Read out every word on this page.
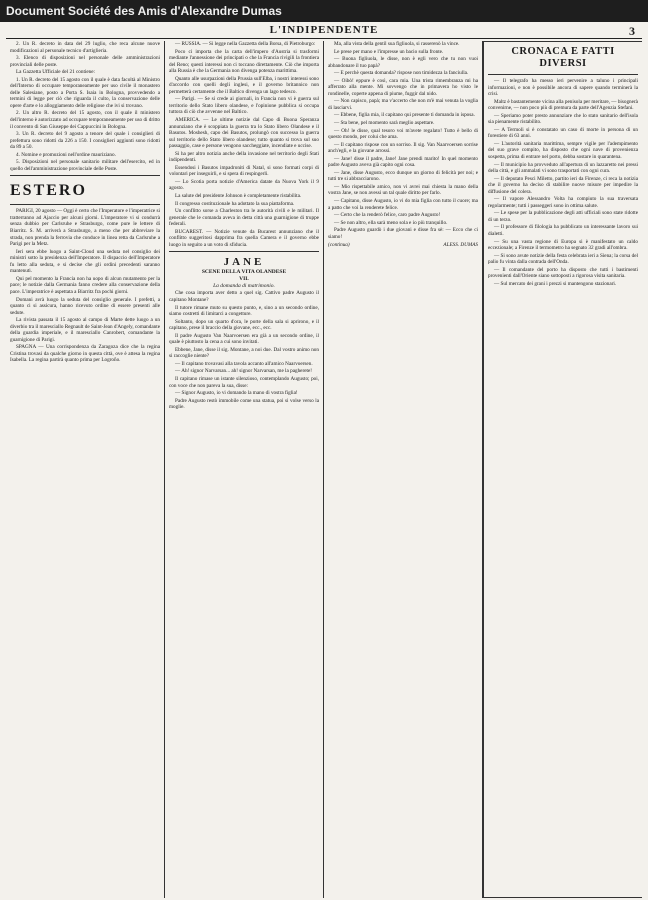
Document Société des Amis d'Alexandre Dumas
L'INDIPENDENTE	3

2. Un R. decreto in data del 29 luglio, che reca alcune nuove modificazioni al personale tecnico d'artiglieria.

3. Elenco di disposizioni nel personale delle amministrazioni provinciali delle poste.

La Gazzetta Ufficiale del 21 contiene:

1. Un R. decreto del 15 agosto con il quale è data facoltà al Ministro dell'Interno di occupare temporaneamente per uso civile il monastero delle Salesiane, posto a Porta S. Isaia in Bologna, provvedendo a termini di legge per ciò che riguarda il culto, la conservazione delle opere d'arte e lo alloggiamento delle religiose che ivi si trovano.

2. Un altro R. decreto del 15 agosto, con il quale il ministero dell'interno è autorizzato ad occupare temporaneamente per uso di dritto il convento di San Giuseppe dei Cappuccini in Bologna.

3. Un R. decreto del 9 agosto a tenore del quale i consiglieri di prefettura sono ridotti da 226 a 150. I consiglieri aggiunti sono ridotti da 89 a 50.

4. Nomine e promozioni nell'ordine mauriziano.

5. Disposizioni nel personale sanitario militare dell'esercito, ed in quello dell'amministrazione provinciale delle Poste.

ESTERO

PARIGI, 20 agosto — Oggi è certo che l'Imperatore e l'imperatrice si tratterranno ad Ajaccio per alcuni giorni. L'imperatore vi si condurrà senza dubbio per Carlsruhe e Strasburgo, come pure le lettere di Biarritz. S. M. arriverà a Strasburgo, a meno che per abbreviare la strada, non prenda la ferrovia che conduce in linea retta da Carlsruhe a Parigi per la Metz.

Ieri sera ebbe luogo a Saint-Cloud una seduta nel consiglio dei ministri sotto la presidenza dell'Imperatore. Il dispaccio dell'Imperatore fu letto alla seduta, e si decise che gli ordini precedenti saranno mantenuti.

Qui pel momento la Francia non ha uopo di alcun mutamento per la pace; le notizie dalla Germania fanno credere alla conservazione della pace. L'imperatrice è aspettata a Biarritz fra pochi giorni.

Domani avrà luogo la seduta del consiglio generale. I prefetti, a quanto ci si assicura, hanno ricevuto ordine di essere presenti alle sedute.

La rivista passata il 15 agosto al campo di Marte dette luogo a un diverbio tra il maresciallo Regnault de Saint-Jean d'Angely, comandante della guardia imperiale, e il maresciallo Canrobert, comandante la guarnigione di Parigi.

SPAGNA — Una corrispondenza da Zaragoza dice che la regina Cristina trovasi da qualche giorno in questa città, ove è attesa la regina Isabella. La regina partirà quanto prima per Logroño.

— RUSSIA. — Si legge nella Gazzetta della Borsa, di Pietroburgo:

Poco ci importa che la carta dell'impero d'Austria si trasformi mediante l'annessione dei principati o che la Francia rivigili la frontiera del Reno; questi interessi non ci toccano direttamente. Ciò che importa alla Russia è che la Germania non divenga potenza marittima.

Quanto alle usurpazioni della Prussia sull'Elba, i nostri interessi sono d'accordo con quelli degli inglesi, e il governo britannico non permetterà certamente che il Baltico divenga un lago tedesco.

— Parigi. — Se si crede ai giornali, in Francia non vi è guerra sul territorio dello Stato libero olandese, e l'opinione pubblica si occupa tuttora di ciò che avvenne nel Baltico.

AMERICA. — Le ultime notizie dal Capo di Buona Speranza annunziano che è scoppiata la guerra tra lo Stato libero Olandese e il Basutos. Moshesh, capo dei Basutos, prolungò con successo la guerra sul territorio dello Stato libero olandese; tutto quanto si trova sul suo passaggio, case e persone vengono saccheggiate, incendiate e uccise.

Si ha per altro notizia anche della invasione nel territorio degli Stati indipendenti.

Essendosi i Basutos impadroniti di Natal, si sono formati corpi di volontari per inseguirli, e si spera di respingerli.

— Lo Scotia porta notizie d'America datate da Nuova York il 9 agosto.

La salute del presidente Johnson è completamente ristabilita.

Il congresso costituzionale ha adottato la sua piattaforma.

Un conflitto sorse a Charleston tra le autorità civili e le militari. Il generale che le comanda aveva in detta città una guarnigione di truppe federali.

BUCAREST. — Notizie venute da Bucarest annunziano che il conflitto suggeritosi dapprima fra quella Camera e il governo ebbe luogo in seguito a un voto di sfiducia.

JANE
SCENE DELLA VITA OLANDESE
VII.
La domanda di matrimonio.

Che cosa importa aver detto a quel sig. Cattivo padre Augusto il capitano Montane?

Il tutore rimane muto su questo punto, e, sino a un secondo ordine, siamo costretti di limitarci a congetture.

Soltanto, dopo un quarto d'ora, le porte della sala si aprirono, e il capitano, prese il braccio della giovane, ecc., ecc.

Il padre Augusto Van Naarvoersen era già a un secondo ordine, il quale è piuttosto la cena a cui sono invitati.

Ebbene, Jane, disse il sig. Montane, a noi due. Dal vostro animo non si raccoglie niente?

— Il capitano trovavasi alla tavola accanto all'amico Naarvoersen.

— Ah! signor Narvarsan... ah! signor Narvarsan, me la pagherete!

Il capitano rimase un istante silenzioso, contemplando Augusto; poi, con voce che non pareva la sua, disse:

— Signor Augusto, io vi domando la mano di vostra figlia!

Padre Augusto restò immobile come una statua, poi si volse verso la moglie.

Ma, alla vista della gentil sua figliuola, si rasserenò la vince.

Le prese per mano e l'impresse un bacio sulla fronte.

— Buona figliuola, le disse, non è egli vero che tu non vuoi abbandonare il tuo papà?

— E perchè questa domanda? rispose non timidezza la fanciulla.

— Oibò! eppure è così, cara mia. Una trista rimembranza mi ha afferrato alla mente. Mi sovvengo che in primavera ho visto le rondinelle, coperte appena di piume, fuggir dal nido.

— Non capisco, papà; ma v'accerto che non m'è mai venuta la voglia di lasciarvi.

— Ebbene, figlia mia, il capitano qui presente ti domanda in isposa.

— Sta bene, pel momento sarà meglio aspettare.

— Oh! le disse, qual tesoro voi m'avete regalato! Tutto è bello di questo mondo, per colui che ama.

— Il capitano rispose con un sorriso. Il sig. Van Naarvoersen sorrise anch'egli, e la giovane arrossì.

— Jane! disse il padre, Jane! Jane prendi marito! In quel momento padre Augusto aveva già capito ogni cosa.

— Jane, disse Augusto, ecco dunque un giorno di felicità per noi; e tutti tre si abbracciarono.

— Mio rispettabile amico, non vi avrei mai chiesta la mano della vostra Jane, se non avessi un tal quale diritto per farlo.

— Capitano, disse Augusto, io vi do mia figlia con tutto il cuore; ma a patto che voi la renderete felice.

— Certo che la renderò felice, caro padre Augusto!

— Se non altro, ella sarà meno sola e io più tranquillo.

Padre Augusto guardò i due giovani e disse fra sè: — Ecco che ci siamo!

(continua)	ALESS. DUMAS
CRONACA E FATTI DIVERSI

— Il telegrafo ha messo ieri pervenire a taluno i principali informazioni, e non è possibile ancora di sapere quando terminerà la crisi.

Maltz è bastantemente vicina alla penisola per meritare, — bisognerà convenirne, — non poco più di premura da parte dell'Agenzia Stefani.

— Speriamo poter presto annunziare che lo stato sanitario dell'isola sia pienamente ristabilito.

— A Termoli si è constatato un caso di morte in persona di un forestiere di 63 anni.

— L'autorità sanitaria marittima, sempre vigile per l'adempimento del suo grave compito, ha disposto che ogni nave di provenienza sospetta, prima di entrare nel porto, debba sostare in quarantena.

— Il municipio ha provveduto all'apertura di un lazzaretto nei pressi della città, e gli ammalati vi sono trasportati con ogni cura.

— Il deputato Pesci Miletto, partito ieri da Firenze, ci reca la notizia che il governo ha deciso di stabilire nuove misure per impedire la diffusione del colera.

— Il vapore Alessandro Volta ha compiuto la sua traversata regolarmente; tutti i passeggeri sono in ottima salute.

— Le spese per la pubblicazione degli atti ufficiali sono state ridotte di un terzo.

— Il professore di filologia ha pubblicato un interessante lavoro sui dialetti.

— Su una vasta regione di Europa si è manifestato un caldo eccezionale; a Firenze il termometro ha segnato 32 gradi all'ombra.

— Si sono avute notizie della festa celebrata ieri a Siena; la corsa del palio fu vinta dalla contrada dell'Onda.

— Il comandante del porto ha disposto che tutti i bastimenti provenienti dall'Oriente siano sottoposti a rigorosa visita sanitaria.

— Sul mercato dei grani i prezzi si mantengono stazionari.
